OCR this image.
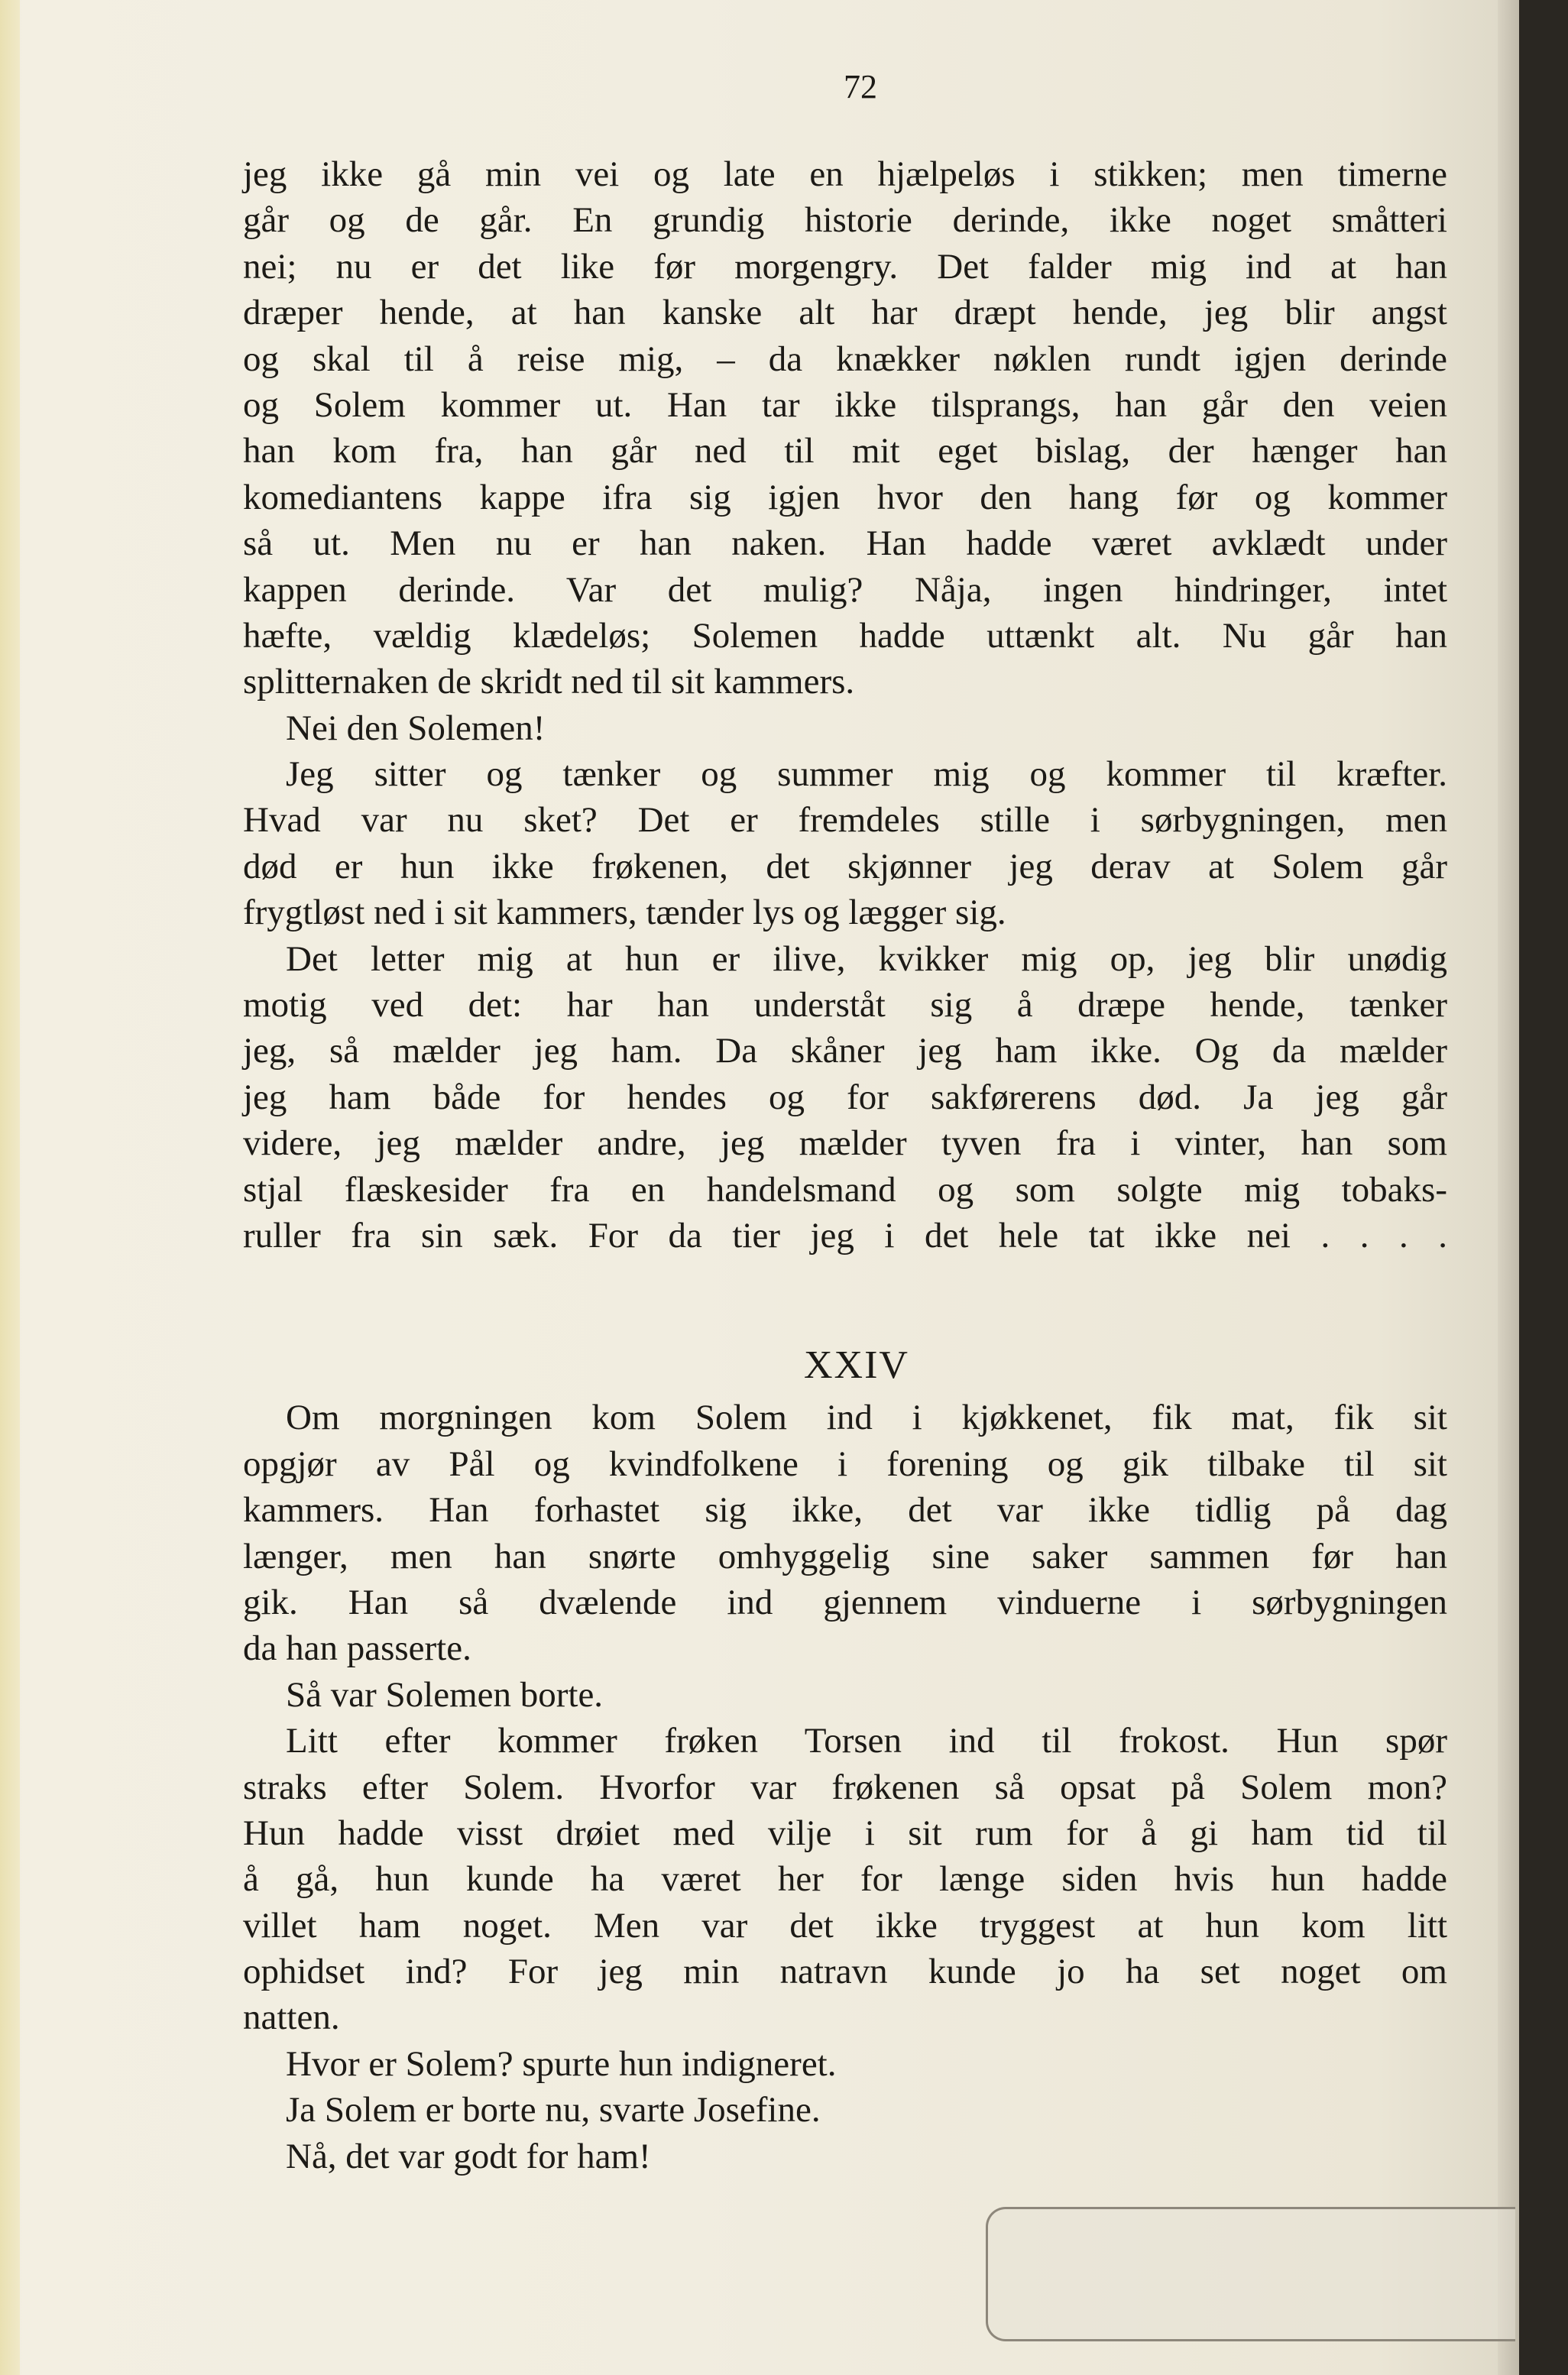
72
jeg ikke gå min vei og late en hjælpeløs i stikken; men timerne
går og de går. En grundig historie derinde, ikke noget småtteri
nei; nu er det like før morgengry. Det falder mig ind at han
dræper hende, at han kanske alt har dræpt hende, jeg blir angst
og skal til å reise mig, – da knækker nøklen rundt igjen derinde
og Solem kommer ut. Han tar ikke tilsprangs, han går den veien
han kom fra, han går ned til mit eget bislag, der hænger han
komediantens kappe ifra sig igjen hvor den hang før og kommer
så ut. Men nu er han naken. Han hadde været avklædt under
kappen derinde. Var det mulig? Nåja, ingen hindringer, intet
hæfte, vældig klædeløs; Solemen hadde uttænkt alt. Nu går han
splitternaken de skridt ned til sit kammers.
Nei den Solemen!
Jeg sitter og tænker og summer mig og kommer til kræfter.
Hvad var nu sket? Det er fremdeles stille i sørbygningen, men
død er hun ikke frøkenen, det skjønner jeg derav at Solem går
frygtløst ned i sit kammers, tænder lys og lægger sig.
Det letter mig at hun er ilive, kvikker mig op, jeg blir unødig
motig ved det: har han underståt sig å dræpe hende, tænker
jeg, så mælder jeg ham. Da skåner jeg ham ikke. Og da mælder
jeg ham både for hendes og for sakførerens død. Ja jeg går
videre, jeg mælder andre, jeg mælder tyven fra i vinter, han som
stjal flæskesider fra en handelsmand og som solgte mig tobaks-
ruller fra sin sæk. For da tier jeg i det hele tat ikke nei . . . .
XXIV
Om morgningen kom Solem ind i kjøkkenet, fik mat, fik sit
opgjør av Pål og kvindfolkene i forening og gik tilbake til sit
kammers. Han forhastet sig ikke, det var ikke tidlig på dag
længer, men han snørte omhyggelig sine saker sammen før han
gik. Han så dvælende ind gjennem vinduerne i sørbygningen
da han passerte.
Så var Solemen borte.
Litt efter kommer frøken Torsen ind til frokost. Hun spør
straks efter Solem. Hvorfor var frøkenen så opsat på Solem mon?
Hun hadde visst drøiet med vilje i sit rum for å gi ham tid til
å gå, hun kunde ha været her for længe siden hvis hun hadde
villet ham noget. Men var det ikke tryggest at hun kom litt
ophidset ind? For jeg min natravn kunde jo ha set noget om
natten.
Hvor er Solem? spurte hun indigneret.
Ja Solem er borte nu, svarte Josefine.
Nå, det var godt for ham!
